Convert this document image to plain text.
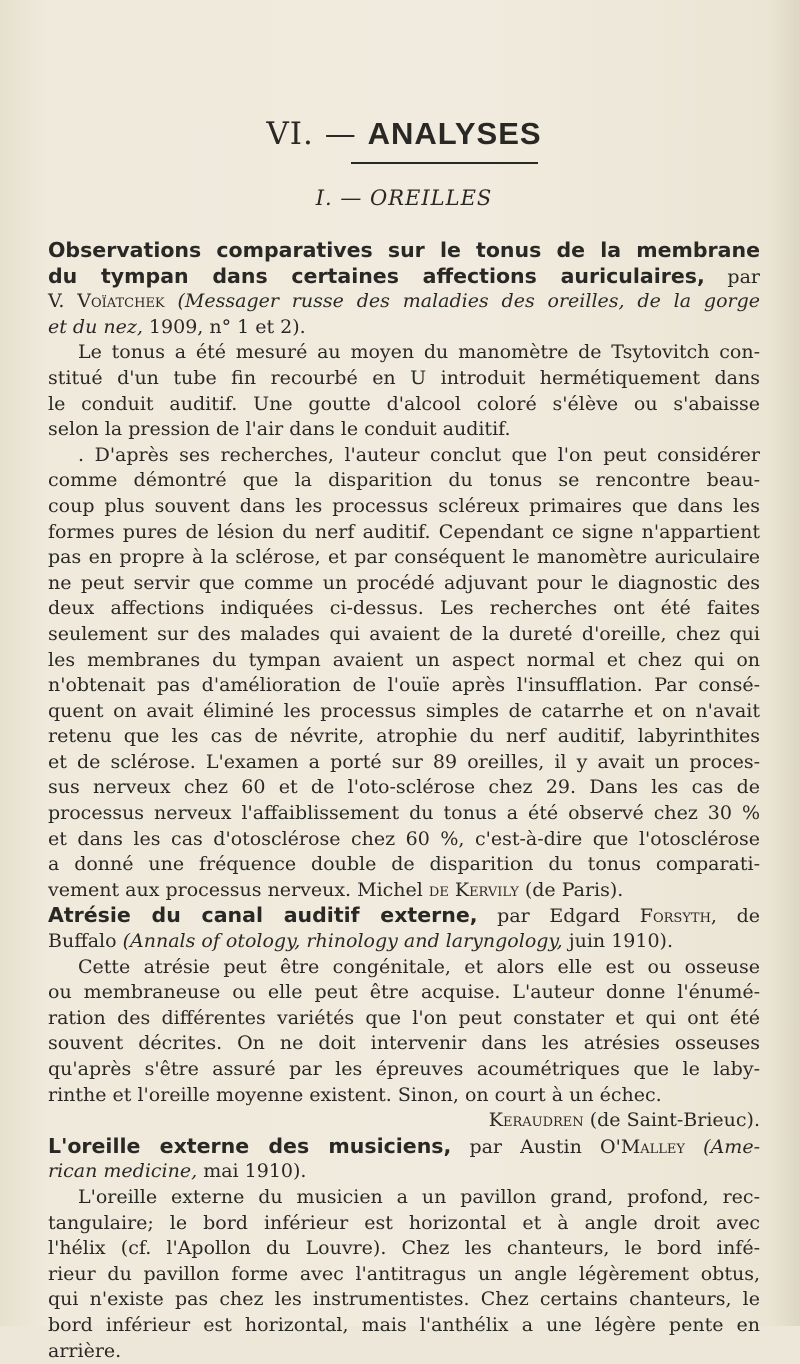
VI. — ANALYSES
I. — OREILLES
Observations comparatives sur le tonus de la membrane
du tympan dans certaines affections auriculaires, par
V. Voïatchek (Messager russe des maladies des oreilles, de la gorge
et du nez, 1909, n° 1 et 2).
Le tonus a été mesuré au moyen du manomètre de Tsytovitch con-
stitué d'un tube fin recourbé en U introduit hermétiquement dans
le conduit auditif. Une goutte d'alcool coloré s'élève ou s'abaisse
selon la pression de l'air dans le conduit auditif.
. D'après ses recherches, l'auteur conclut que l'on peut considérer
comme démontré que la disparition du tonus se rencontre beau-
coup plus souvent dans les processus scléreux primaires que dans les
formes pures de lésion du nerf auditif. Cependant ce signe n'appartient
pas en propre à la sclérose, et par conséquent le manomètre auriculaire
ne peut servir que comme un procédé adjuvant pour le diagnostic des
deux affections indiquées ci-dessus. Les recherches ont été faites
seulement sur des malades qui avaient de la dureté d'oreille, chez qui
les membranes du tympan avaient un aspect normal et chez qui on
n'obtenait pas d'amélioration de l'ouïe après l'insufflation. Par consé-
quent on avait éliminé les processus simples de catarrhe et on n'avait
retenu que les cas de névrite, atrophie du nerf auditif, labyrinthites
et de sclérose. L'examen a porté sur 89 oreilles, il y avait un proces-
sus nerveux chez 60 et de l'oto-sclérose chez 29. Dans les cas de
processus nerveux l'affaiblissement du tonus a été observé chez 30 %
et dans les cas d'otosclérose chez 60 %, c'est-à-dire que l'otosclérose
a donné une fréquence double de disparition du tonus comparati-
vement aux processus nerveux. Michel de Kervily (de Paris).
Atrésie du canal auditif externe, par Edgard Forsyth, de
Buffalo (Annals of otology, rhinology and laryngology, juin 1910).
Cette atrésie peut être congénitale, et alors elle est ou osseuse
ou membraneuse ou elle peut être acquise. L'auteur donne l'énumé-
ration des différentes variétés que l'on peut constater et qui ont été
souvent décrites. On ne doit intervenir dans les atrésies osseuses
qu'après s'être assuré par les épreuves acoumétriques que le laby-
rinthe et l'oreille moyenne existent. Sinon, on court à un échec.
Keraudren (de Saint-Brieuc).
L'oreille externe des musiciens, par Austin O'Malley (Ame-
rican medicine, mai 1910).
L'oreille externe du musicien a un pavillon grand, profond, rec-
tangulaire; le bord inférieur est horizontal et à angle droit avec
l'hélix (cf. l'Apollon du Louvre). Chez les chanteurs, le bord infé-
rieur du pavillon forme avec l'antitragus un angle légèrement obtus,
qui n'existe pas chez les instrumentistes. Chez certains chanteurs, le
bord inférieur est horizontal, mais l'anthélix a une légère pente en
arrière.
